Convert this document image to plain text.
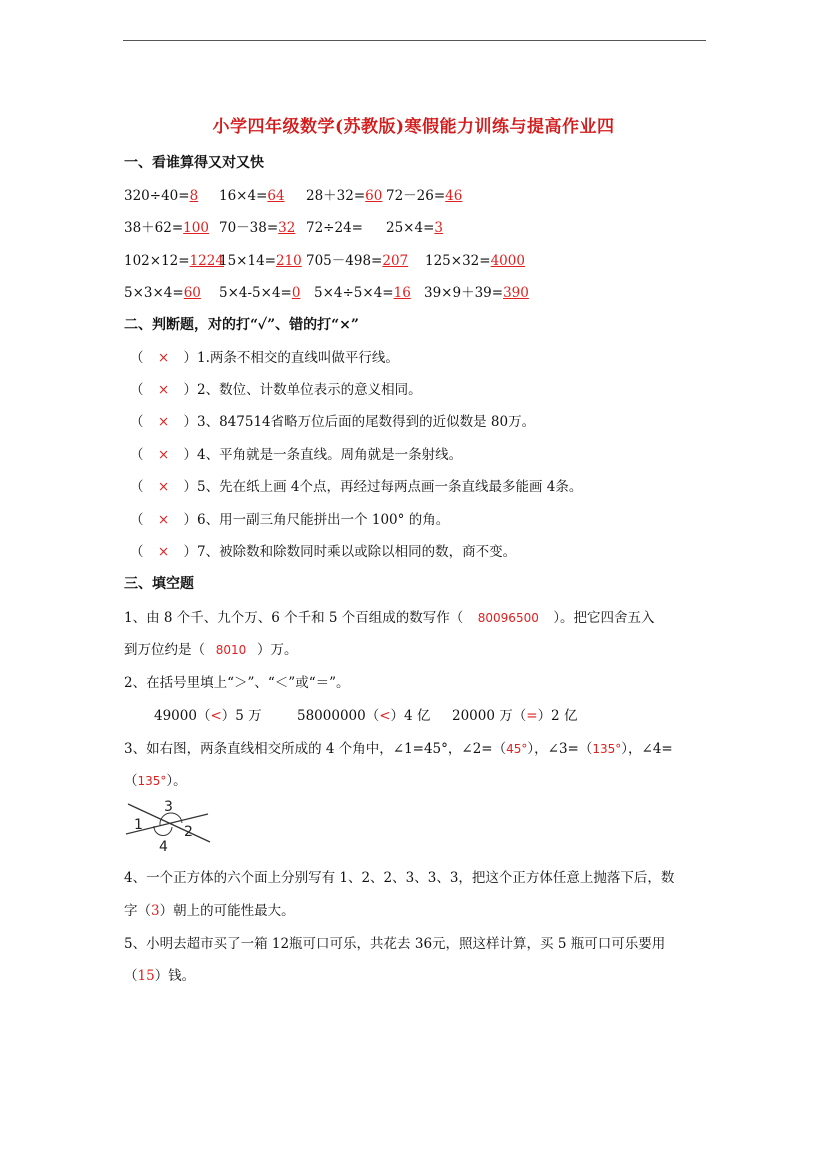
小学四年级数学(苏教版)寒假能力训练与提高作业四
一、看谁算得又对又快
320÷40=8 16×4=64 28＋32=60 72－26=46
38＋62=100 70－38=32 72÷24= 25×4=3
102×12=122415×14=210 705－498=207 125×32=4000
5×3×4=60 5×4-5×4=0 5×4÷5×4=16 39×9＋39=390
二、判断题，对的打“✓”、错的打“×”
（ × ）1.两条不相交的直线叫做平行线。
（ × ）2、数位、计数单位表示的意义相同。
（ × ）3、847514省略万位后面的尾数得到的近似数是 80万。
（ × ）4、平角就是一条直线。周角就是一条射线。
（ × ）5、先在纸上画 4个点，再经过每两点画一条直线最多能画 4条。
（ × ）6、用一副三角尺能拼出一个 100° 的角。
（ × ）7、被除数和除数同时乘以或除以相同的数，商不变。
三、填空题
1、由 8 个千、九个万、6 个千和 5 个百组成的数写作（ 80096500 ）。把它四舍五入
到万位约是（ 8010 ）万。
2、在括号里填上“＞”、“＜”或“＝”。
49000（<）5 万	58000000（<）4 亿 20000 万（=）2 亿
3、如右图，两条直线相交所成的 4 个角中，∠1=45°，∠2=（45°），∠3=（135°），∠4=
（135°）。
3
1	2
4
4、一个正方体的六个面上分别写有 1、2、2、3、3、3，把这个正方体任意上抛落下后，数
字（3）朝上的可能性最大。
5、小明去超市买了一箱 12瓶可口可乐，共花去 36元，照这样计算，买 5 瓶可口可乐要用
（15）钱。
